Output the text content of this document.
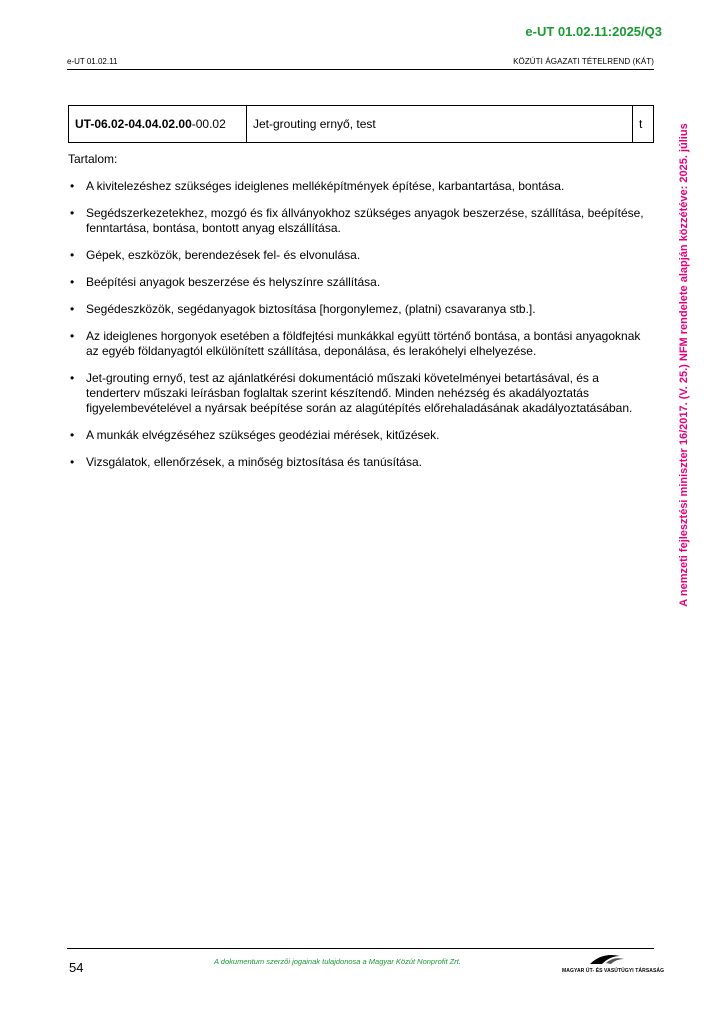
e-UT 01.02.11:2025/Q3
e-UT 01.02.11	KÖZÚTI ÁGAZATI TÉTELREND (KÁT)
A nemzeti fejlesztési miniszter 16/2017. (V. 25.) NFM rendelete alapján közzétéve: 2025. július
UT-06.02-04.04.02.00-00.02	Jet-grouting ernyő, test	t

Tartalom:

• A kivitelezéshez szükséges ideiglenes melléképítmények építése, karbantartása, bontása.
• Segédszerkezetekhez, mozgó és fix állványokhoz szükséges anyagok beszerzése, szállítása, beépítése, fenntartása, bontása, bontott anyag elszállítása.
• Gépek, eszközök, berendezések fel- és elvonulása.
• Beépítési anyagok beszerzése és helyszínre szállítása.
• Segédeszközök, segédanyagok biztosítása [horgonylemez, (platni) csavaranya stb.].
• Az ideiglenes horgonyok esetében a földfejtési munkákkal együtt történő bontása, a bontási anyagoknak az egyéb földanyagtól elkülönített szállítása, deponálása, és lerakóhelyi elhelyezése.
• Jet-grouting ernyő, test az ajánlatkérési dokumentáció műszaki követelményei betartásával, és a tenderterv műszaki leírásban foglaltak szerint készítendő. Minden nehézség és akadályoztatás figyelembevételével a nyársak beépítése során az alagútépítés előrehaladásának akadályoztatásában.
• A munkák elvégzéséhez szükséges geodéziai mérések, kitűzések.
• Vizsgálatok, ellenőrzések, a minőség biztosítása és tanúsítása.
54	A dokumentum szerzői jogainak tulajdonosa a Magyar Közút Nonprofit Zrt.
MAGYAR ÚT- ÉS VASÚTÜGYI TÁRSASÁG
